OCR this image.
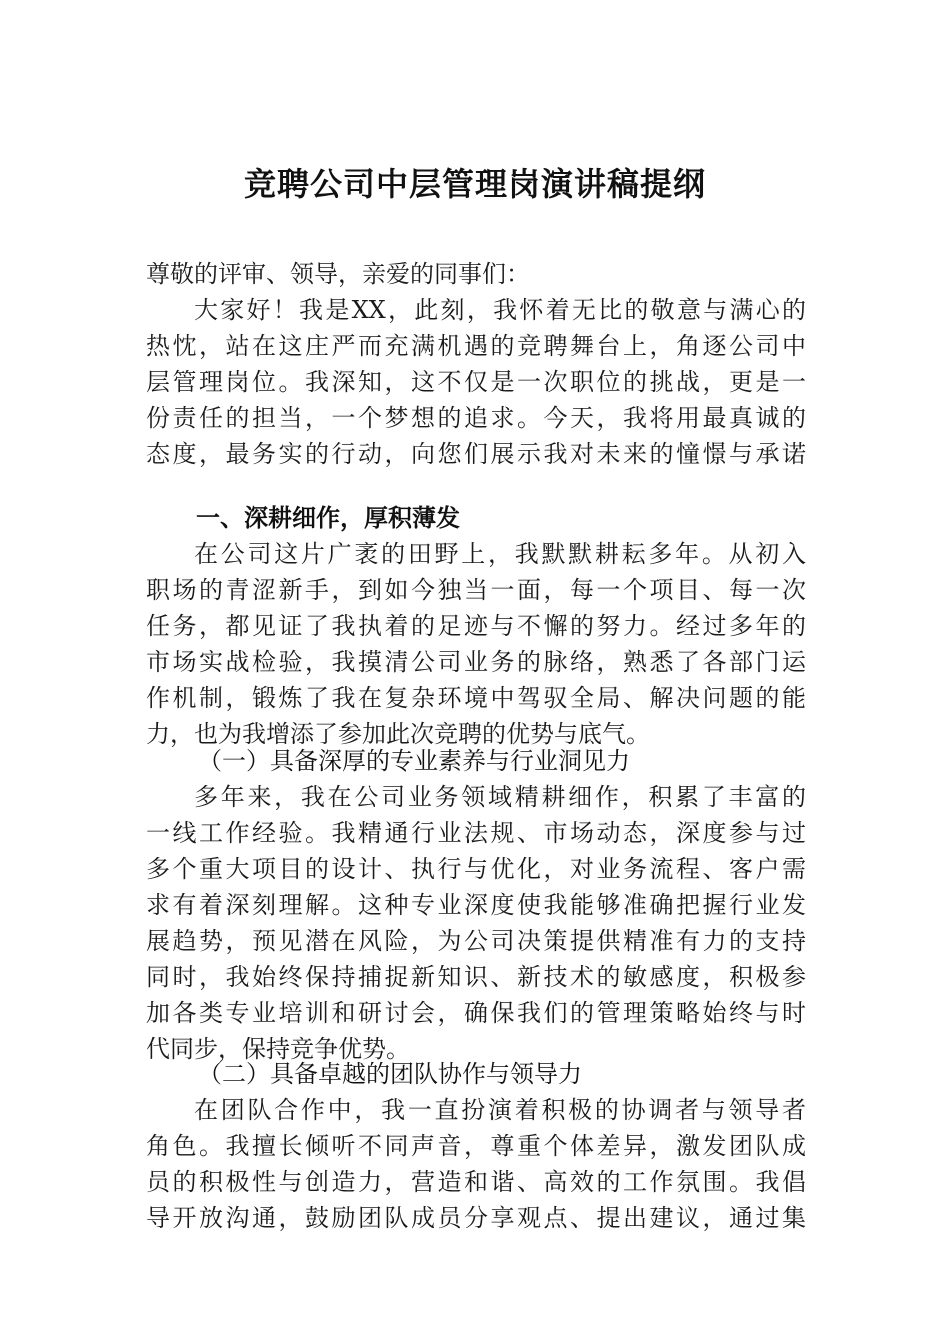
竞聘公司中层管理岗演讲稿提纲
尊敬的评审、领导，亲爱的同事们：
大家好！我是XX，此刻，我怀着无比的敬意与满心的
热忱，站在这庄严而充满机遇的竞聘舞台上，角逐公司中
层管理岗位。我深知，这不仅是一次职位的挑战，更是一
份责任的担当，一个梦想的追求。今天，我将用最真诚的
态度，最务实的行动，向您们展示我对未来的憧憬与承诺
一、深耕细作，厚积薄发
在公司这片广袤的田野上，我默默耕耘多年。从初入
职场的青涩新手，到如今独当一面，每一个项目、每一次
任务，都见证了我执着的足迹与不懈的努力。经过多年的
市场实战检验，我摸清公司业务的脉络，熟悉了各部门运
作机制，锻炼了我在复杂环境中驾驭全局、解决问题的能
力，也为我增添了参加此次竞聘的优势与底气。
（一）具备深厚的专业素养与行业洞见力
多年来，我在公司业务领域精耕细作，积累了丰富的
一线工作经验。我精通行业法规、市场动态，深度参与过
多个重大项目的设计、执行与优化，对业务流程、客户需
求有着深刻理解。这种专业深度使我能够准确把握行业发
展趋势，预见潜在风险，为公司决策提供精准有力的支持
同时，我始终保持捕捉新知识、新技术的敏感度，积极参
加各类专业培训和研讨会，确保我们的管理策略始终与时
代同步，保持竞争优势。
（二）具备卓越的团队协作与领导力
在团队合作中，我一直扮演着积极的协调者与领导者
角色。我擅长倾听不同声音，尊重个体差异，激发团队成
员的积极性与创造力，营造和谐、高效的工作氛围。我倡
导开放沟通，鼓励团队成员分享观点、提出建议，通过集
